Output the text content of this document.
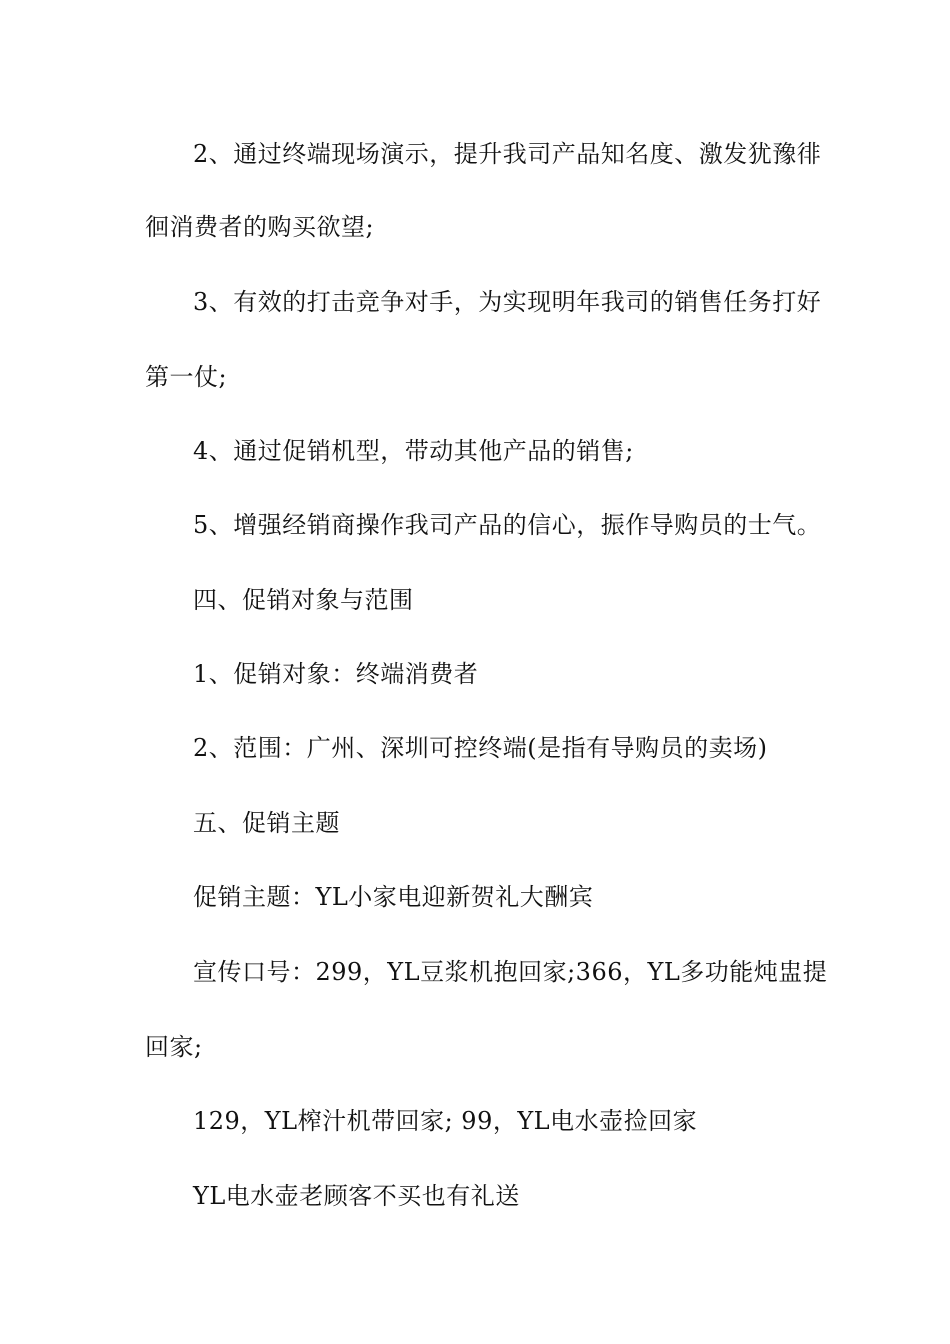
2、通过终端现场演示，提升我司产品知名度、激发犹豫徘
徊消费者的购买欲望;
3、有效的打击竞争对手，为实现明年我司的销售任务打好
第一仗;
4、通过促销机型，带动其他产品的销售;
5、增强经销商操作我司产品的信心，振作导购员的士气。
四、促销对象与范围
1、促销对象：终端消费者
2、范围：广州、深圳可控终端(是指有导购员的卖场)
五、促销主题
促销主题：YL小家电迎新贺礼大酬宾
宣传口号：299，YL豆浆机抱回家;366，YL多功能炖盅提
回家;
129，YL榨汁机带回家; 99，YL电水壶捡回家
YL电水壶老顾客不买也有礼送
